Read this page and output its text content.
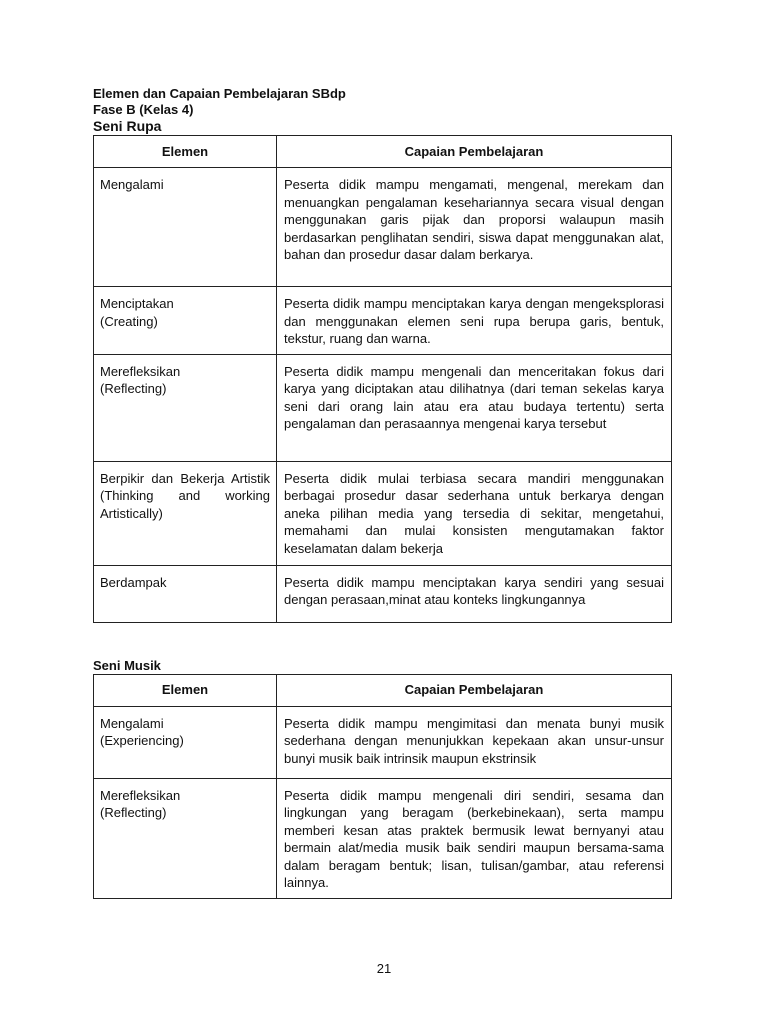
Elemen dan Capaian Pembelajaran SBdp
Fase B (Kelas 4)
Seni Rupa
Elemen	Capaian Pembelajaran

Mengalami	Peserta didik mampu mengamati, mengenal, merekam dan menuangkan pengalaman kesehariannya secara visual dengan menggunakan garis pijak dan proporsi walaupun masih berdasarkan penglihatan sendiri, siswa dapat menggunakan alat, bahan dan prosedur dasar dalam berkarya.

Menciptakan
(Creating)	Peserta didik mampu menciptakan karya dengan mengeksplorasi dan menggunakan elemen seni rupa berupa garis, bentuk, tekstur, ruang dan warna.

Merefleksikan
(Reflecting)	Peserta didik mampu mengenali dan menceritakan fokus dari karya yang diciptakan atau dilihatnya (dari teman sekelas karya seni dari orang lain atau era atau budaya tertentu) serta pengalaman dan perasaannya mengenai karya tersebut

Berpikir dan Bekerja Artistik (Thinking and working Artistically)	Peserta didik mulai terbiasa secara mandiri menggunakan berbagai prosedur dasar sederhana untuk berkarya dengan aneka pilihan media yang tersedia di sekitar, mengetahui, memahami dan mulai konsisten mengutamakan faktor keselamatan dalam bekerja

Berdampak	Peserta didik mampu menciptakan karya sendiri yang sesuai dengan perasaan,minat atau konteks lingkungannya
Seni Musik
Elemen	Capaian Pembelajaran

Mengalami
(Experiencing)	Peserta didik mampu mengimitasi dan menata bunyi musik sederhana dengan menunjukkan kepekaan akan unsur-unsur bunyi musik baik intrinsik maupun ekstrinsik

Merefleksikan
(Reflecting)	Peserta didik mampu mengenali diri sendiri, sesama dan lingkungan yang beragam (berkebinekaan), serta mampu memberi kesan atas praktek bermusik lewat bernyanyi atau bermain alat/media musik baik sendiri maupun bersama-sama dalam beragam bentuk; lisan, tulisan/gambar, atau referensi lainnya.
21
